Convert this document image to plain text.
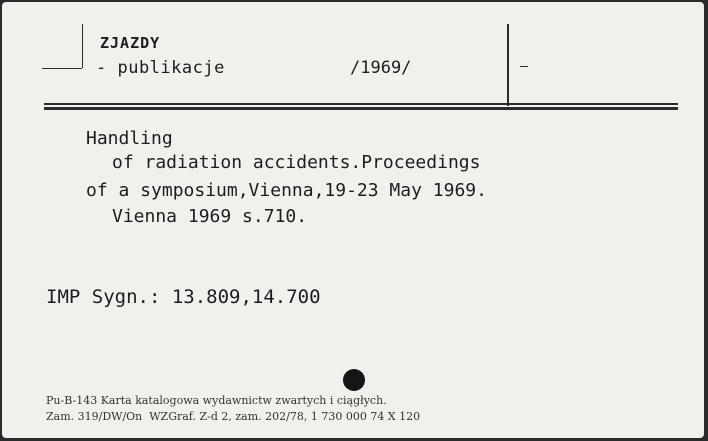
ZJAZDY
- publikacje	/1969/
Handling
of radiation accidents.Proceedings
of a symposium,Vienna,19-23 May 1969.
Vienna 1969 s.710.
IMP Sygn.: 13.809,14.700
Pu-B-143 Karta katalogowa wydawnictw zwartych i ciągłych.
Zam. 319/DW/On  WZGraf. Z-d 2, zam. 202/78, 1 730 000 74 X 120
